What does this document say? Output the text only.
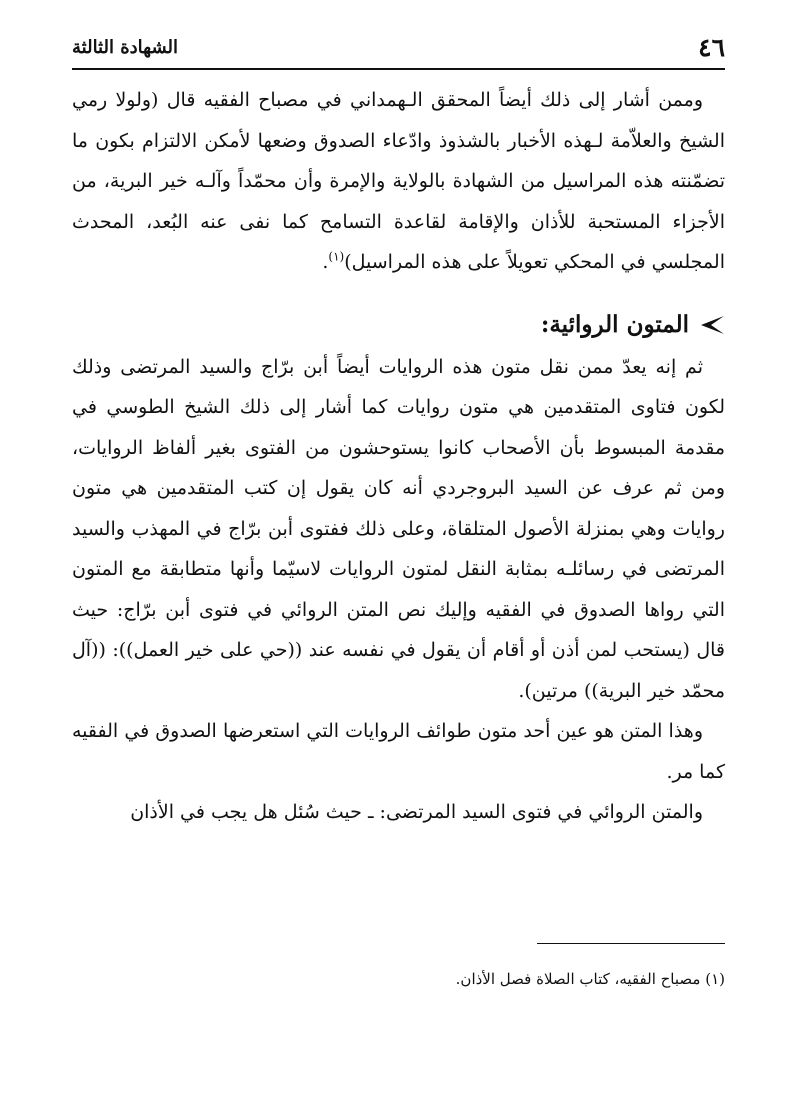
٤٦
الشهادة الثالثة

وممن أشار إلى ذلك أيضاً المحقق الـهمداني في مصباح الفقيه قال (ولولا رمي الشيخ والعلاّمة لـهذه الأخبار بالشذوذ وادّعاء الصدوق وضعها لأمكن الالتزام بكون ما تضمّنته هذه المراسيل من الشهادة بالولاية والإمرة وأن محمّداً وآلـه خير البرية، من الأجزاء المستحبة للأذان والإقامة لقاعدة التسامح كما نفى عنه البُعد، المحدث المجلسي في المحكي تعويلاً على هذه المراسيل)$^{(١)}$.

المتون الروائية:

ثم إنه يعدّ ممن نقل متون هذه الروايات أيضاً أبن برّاج والسيد المرتضى وذلك لكون فتاوى المتقدمين هي متون روايات كما أشار إلى ذلك الشيخ الطوسي في مقدمة المبسوط بأن الأصحاب كانوا يستوحشون من الفتوى بغير ألفاظ الروايات، ومن ثم عرف عن السيد البروجردي أنه كان يقول إن كتب المتقدمين هي متون روايات وهي بمنزلة الأصول المتلقاة، وعلى ذلك ففتوى أبن برّاج في المهذب والسيد المرتضى في رسائلـه بمثابة النقل لمتون الروايات لاسيّما وأنها متطابقة مع المتون التي رواها الصدوق في الفقيه وإليك نص المتن الروائي في فتوى أبن برّاج: حيث قال (يستحب لمن أذن أو أقام أن يقول في نفسه عند ((حي على خير العمل)): ((آل محمّد خير البرية)) مرتين).

وهذا المتن هو عين أحد متون طوائف الروايات التي استعرضها الصدوق في الفقيه كما مر.

والمتن الروائي في فتوى السيد المرتضى: ـ حيث سُئل هل يجب في الأذان

(١) مصباح الفقيه، كتاب الصلاة فصل الأذان.
